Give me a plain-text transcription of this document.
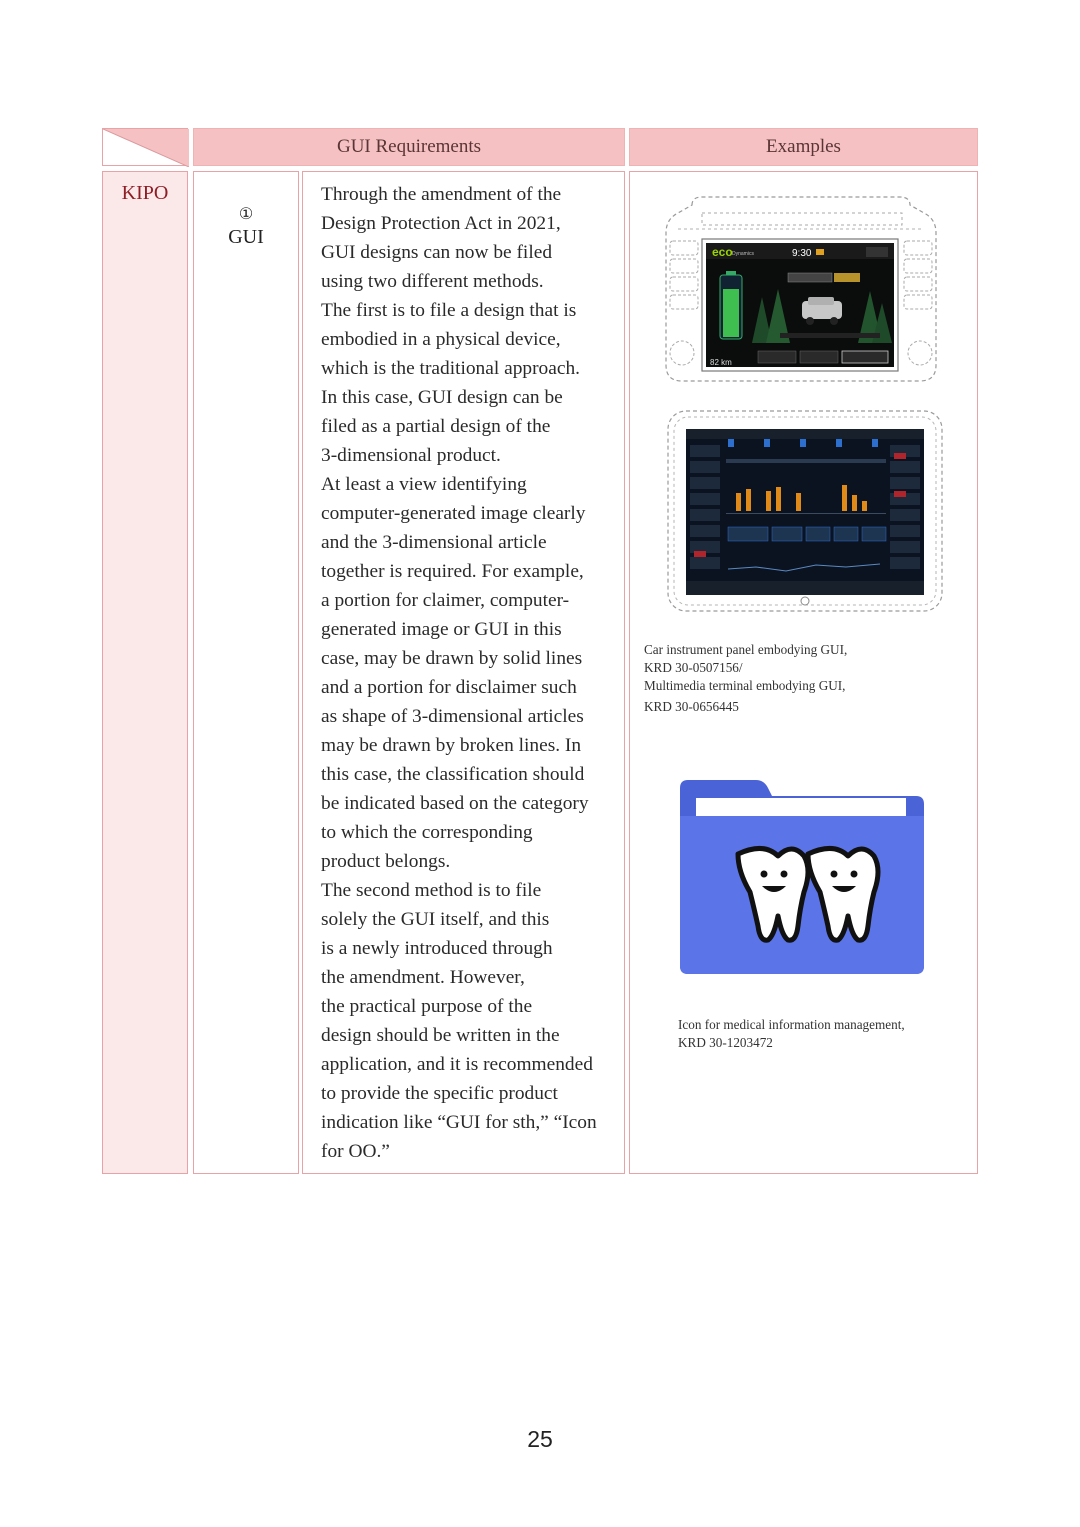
GUI Requirements	Examples
KIPO
①
GUI
Through the amendment of the
Design Protection Act in 2021,
GUI designs can now be filed
using two different methods.
The first is to file a design that is
embodied in a physical device,
which is the traditional approach.
In this case, GUI design can be
filed as a partial design of the
3-dimensional product.
At least a view identifying
computer-generated image clearly
and the 3-dimensional article
together is required. For example,
a portion for claimer, computer-
generated image or GUI in this
case, may be drawn by solid lines
and a portion for disclaimer such
as shape of 3-dimensional articles
may be drawn by broken lines. In
this case, the classification should
be indicated based on the category
to which the corresponding
product belongs.
The second method is to file
solely the GUI itself, and this
is a newly introduced through
the amendment. However,
the practical purpose of the
design should be written in the
application, and it is recommended
to provide the specific product
indication like “GUI for sth,” “Icon
for OO.”
eco Dynamics	9:30
82 km
Car instrument panel embodying GUI,
KRD 30-0507156/
Multimedia terminal embodying GUI,
KRD 30-0656445
Icon for medical information management,
KRD 30-1203472
25
